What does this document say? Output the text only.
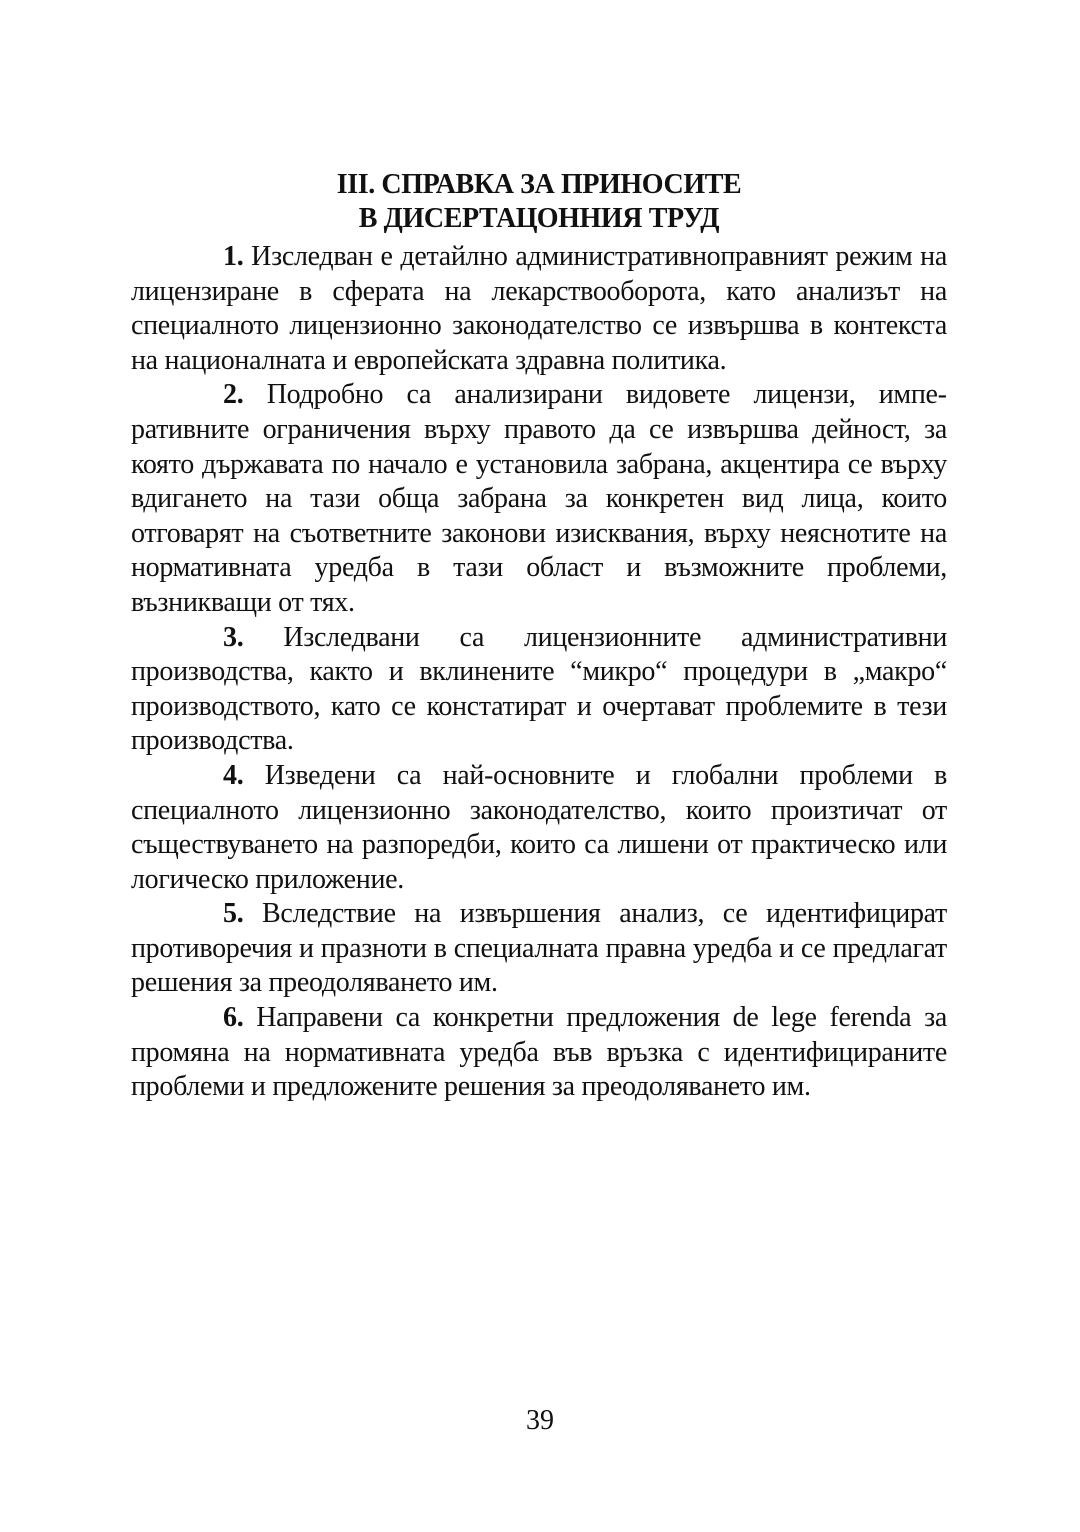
III. СПРАВКА ЗА ПРИНОСИТЕ
В ДИСЕРТАЦОННИЯ ТРУД

1. Изследван е детайлно административноправният режим на лицензиране в сферата на лекарствооборота, като анализът на специалното лицензионно законодателство се извършва в контекста на националната и европейската здравна политика.

2. Подробно са анализирани видовете лицензи, императивните ограничения върху правото да се извършва дейност, за която държавата по начало е установила забрана, акцентира се върху вдигането на тази обща забрана за конкретен вид лица, които отговарят на съответните законови изисквания, върху неяснотите на нормативната уредба в тази област и възможните проблеми, възникващи от тях.

3. Изследвани са лицензионните административни производства, както и вклинените “микро“ процедури в „макро“ производството, като се констатират и очертават проблемите в тези производства.

4. Изведени са най-основните и глобални проблеми в специалното лицензионно законодателство, които произтичат от съществуването на разпоредби, които са лишени от практическо или логическо приложение.

5. Вследствие на извършения анализ, се идентифицират противоречия и празноти в специалната правна уредба и се предлагат решения за преодоляването им.

6. Направени са конкретни предложения de lege ferenda за промяна на нормативната уредба във връзка с идентифицираните проблеми и предложените решения за преодоляването им.

39
